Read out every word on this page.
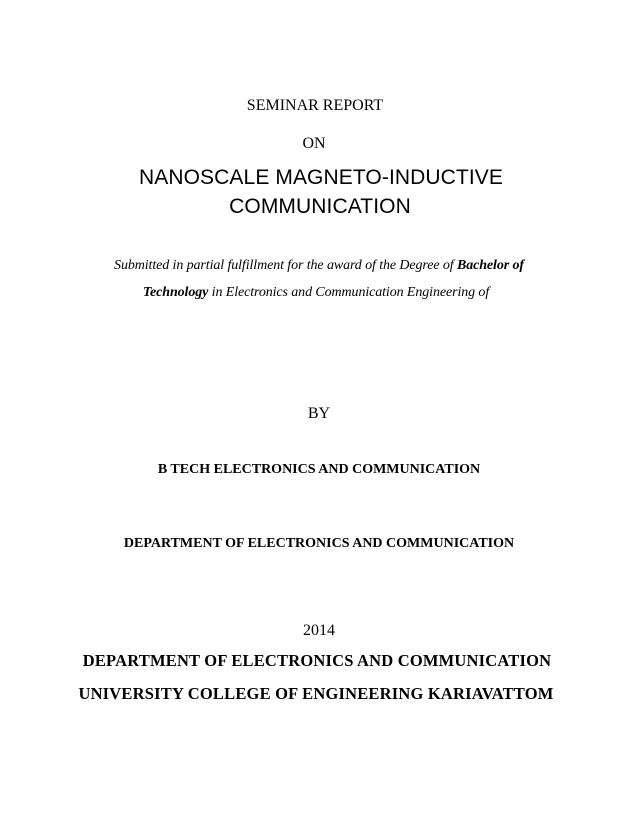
SEMINAR REPORT
ON
NANOSCALE MAGNETO-INDUCTIVE
COMMUNICATION
Submitted in partial fulfillment for the award of the Degree of Bachelor of
Technology in Electronics and Communication Engineering of
BY
B TECH ELECTRONICS AND COMMUNICATION
DEPARTMENT OF ELECTRONICS AND COMMUNICATION
2014
DEPARTMENT OF ELECTRONICS AND COMMUNICATION
UNIVERSITY COLLEGE OF ENGINEERING KARIAVATTOM
